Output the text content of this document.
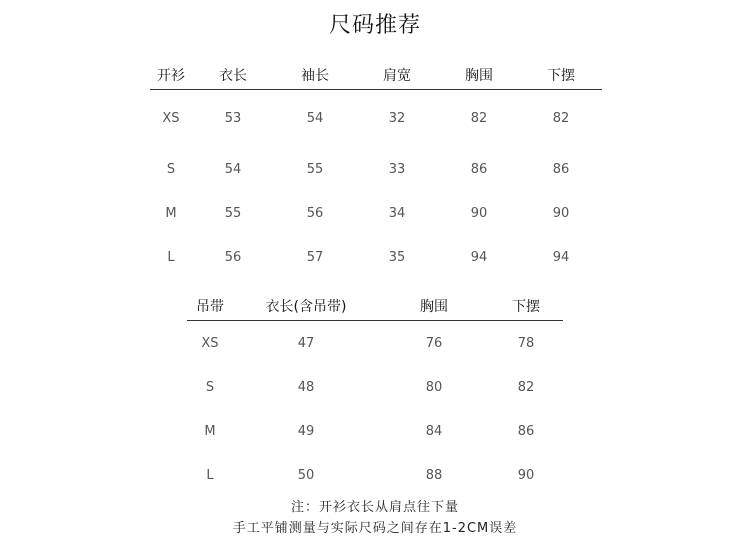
尺码推荐
开衫	衣长	袖长	肩宽	胸围	下摆
XS	53	54	32	82	82
S	54	55	33	86	86
M	55	56	34	90	90
L	56	57	35	94	94
吊带	衣长(含吊带)	胸围	下摆
XS	47	76	78
S	48	80	82
M	49	84	86
L	50	88	90
注：开衫衣长从肩点往下量
手工平铺测量与实际尺码之间存在1-2CM误差
